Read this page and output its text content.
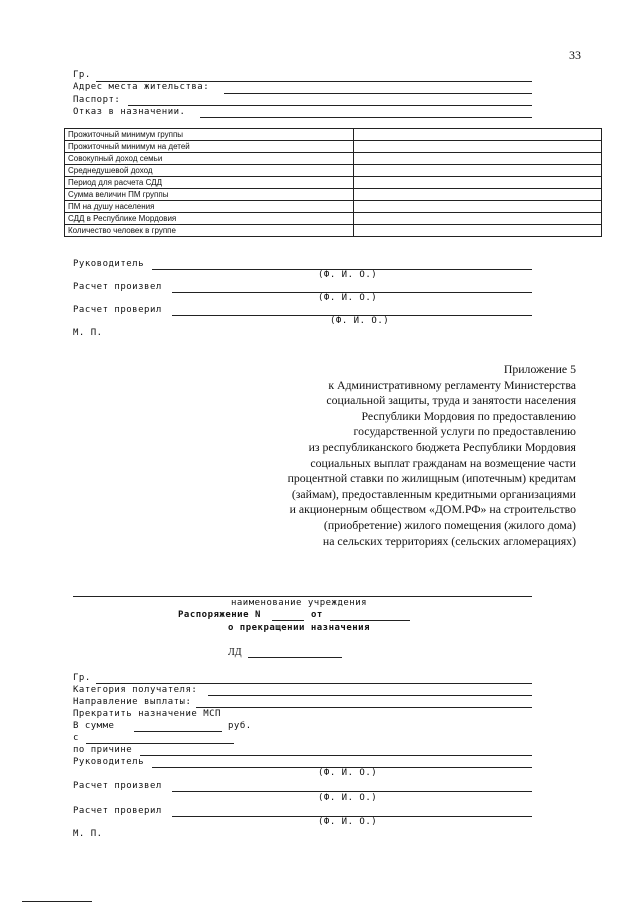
33
Гр.
Адрес места жительства:
Паспорт:
Отказ в назначении.
Прожиточный минимум группы	
Прожиточный минимум на детей	
Совокупный доход семьи	
Среднедушевой доход	
Период для расчета СДД	
Сумма величин ПМ группы	
ПМ на душу населения	
СДД в Республике Мордовия	
Количество человек в группе	
Руководитель
(Ф. И. О.)
Расчет произвел
(Ф. И. О.)
Расчет проверил
(Ф. И. О.)
М. П.
Приложение 5
к Административному регламенту Министерства
социальной защиты, труда и занятости населения
Республики Мордовия по предоставлению
государственной услуги по предоставлению
из республиканского бюджета Республики Мордовия
социальных выплат гражданам на возмещение части
процентной ставки по жилищным (ипотечным) кредитам
(займам), предоставленным кредитными организациями
и акционерным обществом «ДОМ.РФ» на строительство
(приобретение) жилого помещения (жилого дома)
на сельских территориях (сельских агломерациях)
наименование учреждения
Распоряжение N	от
о прекращении назначения
ЛД
Гр.
Категория получателя:
Направление выплаты:
Прекратить назначение МСП
В сумме	руб.
с
по причине
Руководитель
(Ф. И. О.)
Расчет произвел
(Ф. И. О.)
Расчет проверил
(Ф. И. О.)
М. П.
